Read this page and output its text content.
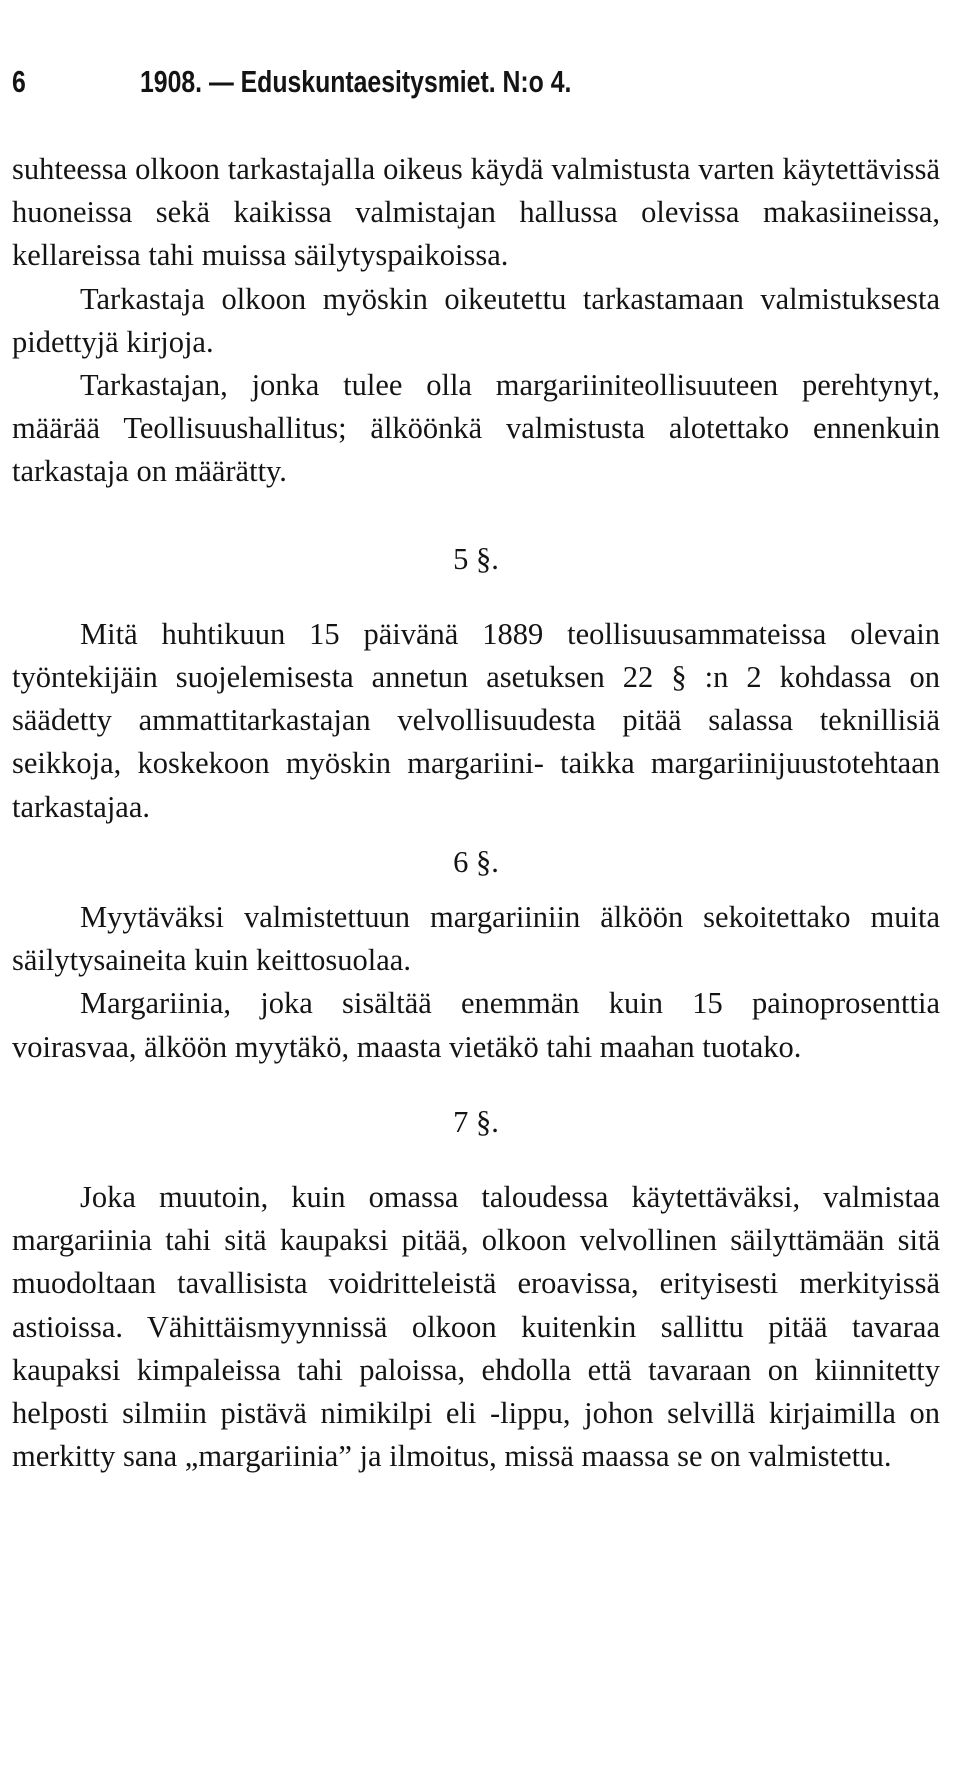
6	1908. — Eduskuntaesitysmiet. N:o 4.

suhteessa olkoon tarkastajalla oikeus käydä valmistusta varten käytettävissä huoneissa sekä kaikissa valmistajan hallussa olevissa makasiineissa, kellareissa tahi muissa säilytyspaikoissa.

Tarkastaja olkoon myöskin oikeutettu tarkastamaan valmistuksesta pidettyjä kirjoja.

Tarkastajan, jonka tulee olla margariiniteollisuuteen perehtynyt, määrää Teollisuushallitus; älköönkä valmistusta alotettako ennenkuin tarkastaja on määrätty.

5 §.

Mitä huhtikuun 15 päivänä 1889 teollisuusammateissa olevain työntekijäin suojelemisesta annetun asetuksen 22 § :n 2 kohdassa on säädetty ammattitarkastajan velvollisuudesta pitää salassa teknillisiä seikkoja, koskekoon myöskin margariini- taikka margariinijuustotehtaan tarkastajaa.

6 §.

Myytäväksi valmistettuun margariiniin älköön sekoitettako muita säilytysaineita kuin keittosuolaa.

Margariinia, joka sisältää enemmän kuin 15 painoprosenttia voirasvaa, älköön myytäkö, maasta vietäkö tahi maahan tuotako.

7 §.

Joka muutoin, kuin omassa taloudessa käytettäväksi, valmistaa margariinia tahi sitä kaupaksi pitää, olkoon velvollinen säilyttämään sitä muodoltaan tavallisista voidritteleistä eroavissa, erityisesti merkityissä astioissa. Vähittäismyynnissä olkoon kuitenkin sallittu pitää tavaraa kaupaksi kimpaleissa tahi paloissa, ehdolla että tavaraan on kiinnitetty helposti silmiin pistävä nimikilpi eli -lippu, johon selvillä kirjaimilla on merkitty sana „margariinia” ja ilmoitus, missä maassa se on valmistettu.
